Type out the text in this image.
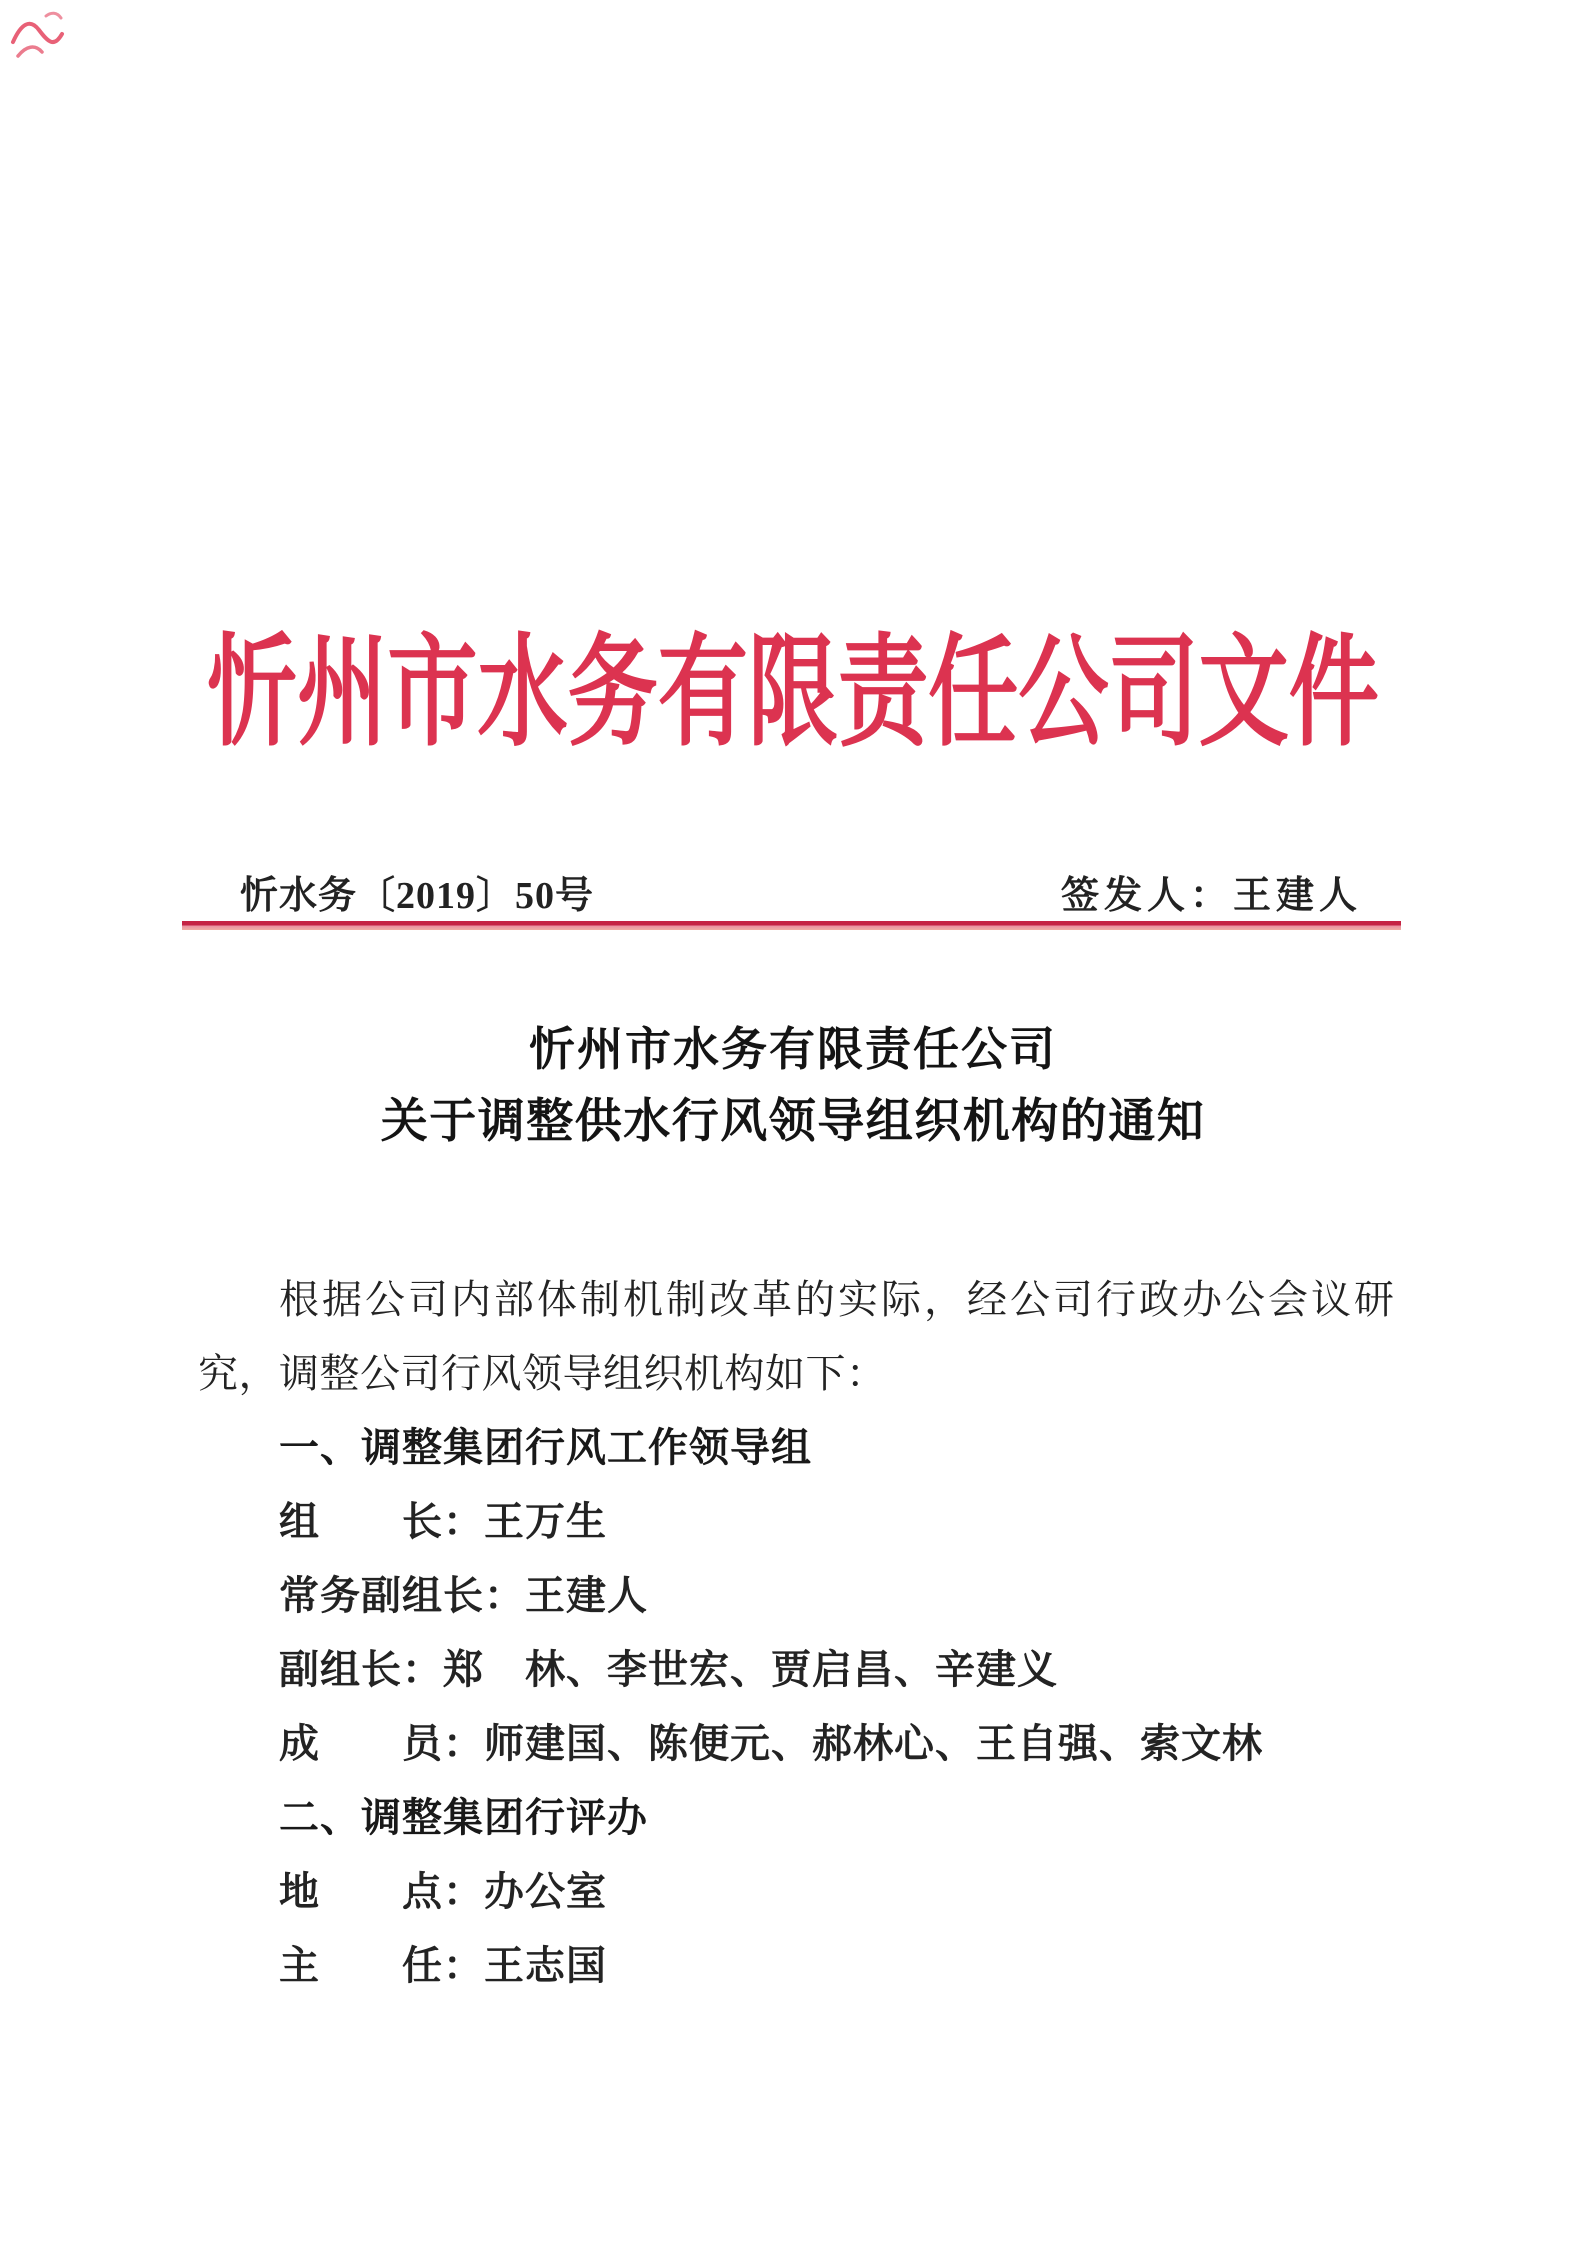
忻州市水务有限责任公司文件
忻水务〔2019〕50号	签发人：王建人
忻州市水务有限责任公司
关于调整供水行风领导组织机构的通知
根据公司内部体制机制改革的实际，经公司行政办公会议研
究，调整公司行风领导组织机构如下：
一、调整集团行风工作领导组
组　　长：王万生
常务副组长：王建人
副组长：郑　林、李世宏、贾启昌、辛建义
成　　员：师建国、陈便元、郝林心、王自强、索文林
二、调整集团行评办
地　　点：办公室
主　　任：王志国
